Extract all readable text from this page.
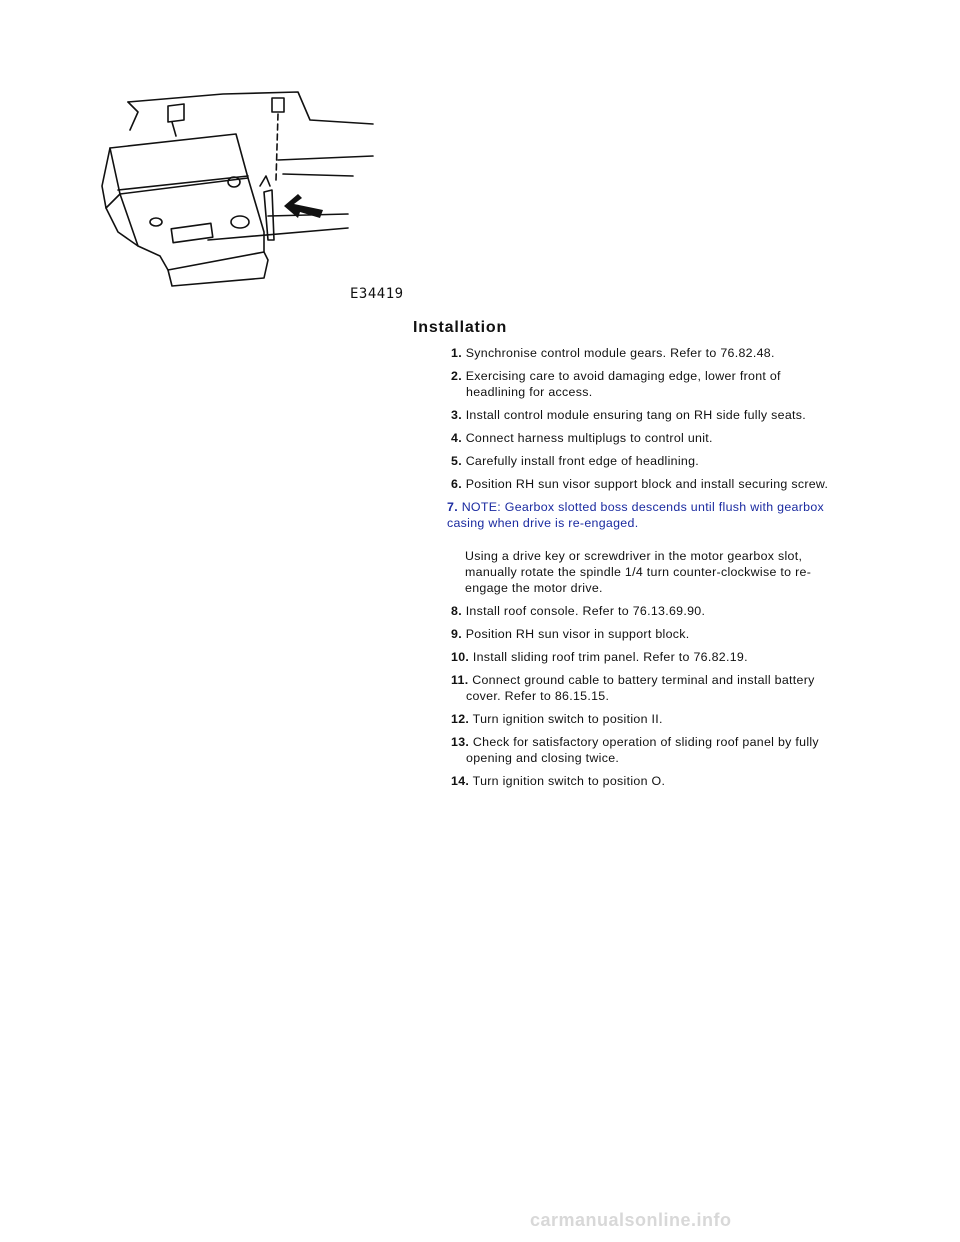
E34419
Installation

1. Synchronise control module gears. Refer to 76.82.48.

2. Exercising care to avoid damaging edge, lower front of
headlining for access.

3. Install control module ensuring tang on RH side fully seats.

4. Connect harness multiplugs to control unit.

5. Carefully install front edge of headlining.

6. Position RH sun visor support block and install securing screw.

7. NOTE: Gearbox slotted boss descends until flush with gearbox
casing when drive is re-engaged.

Using a drive key or screwdriver in the motor gearbox slot,
manually rotate the spindle 1/4 turn counter-clockwise to re-
engage the motor drive.

8. Install roof console. Refer to 76.13.69.90.

9. Position RH sun visor in support block.

10. Install sliding roof trim panel. Refer to 76.82.19.

11. Connect ground cable to battery terminal and install battery
cover. Refer to 86.15.15.

12. Turn ignition switch to position II.

13. Check for satisfactory operation of sliding roof panel by fully
opening and closing twice.

14. Turn ignition switch to position O.

carmanualsonline.info
